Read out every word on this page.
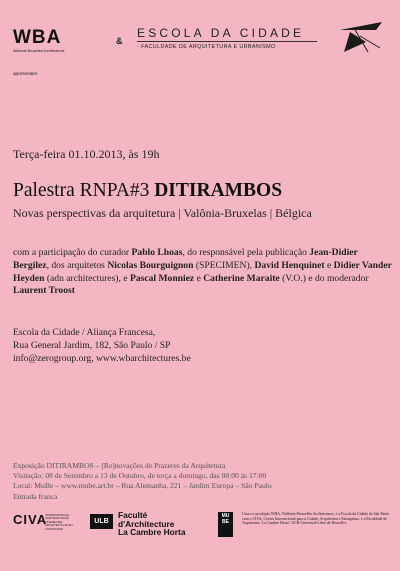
WBA
Wallonie-Bruxelles Architectures
&
ESCOLA DA CIDADE
- FACULDADE DE ARQUITETURA E URBANISMO
apresentam
Terça-feira 01.10.2013, às 19h
Palestra RNPA#3 DITIRAMBOS
Novas perspectivas da arquitetura | Valônia-Bruxelas | Bélgica
com a participação do curador Pablo Lhoas, do responsável pela publicação Jean-Didier Bergilez, dos arquitetos Nicolas Bourguignon (SPECIMEN), David Henquinet e Didier Vander Heyden (adn architectures), e Pascal Monniez e Catherine Maraite (V.O.) e do moderador Laurent Troost
Escola da Cidade / Aliança Francesa,
Rua General Jardim, 182, São Paulo / SP
info@zerogroup.org, www.wbarchitectures.be
Exposição DITIRAMBOS – [Re]novações de Prazeres da Arquitetura
Visitação: 08 de Setembro a 13 de Outubro, de terça a domingo, das 08:00 às 17:00
Local: MuBe – www.mube.art.br – Rua Alemanha, 221 – Jardim Europa – São Paulo
Entrada franca
CIVA
INTERNATIONAAL CENTRUM VOOR STEDELIJKE ARCHITECTUUR EN LANDSCHAP
ULB
Faculté
d'Architecture
La Cambre Horta
MU BE
Uma co-produção WBA, Wallonie-Bruxelles Architectures, e a Escola da Cidade de São Paulo com o CIVA, Centro Internacional para a Cidade, Arquitetura e Paisagismo, e a Faculdade de Arquitetura 'La Cambre Horta', ULB Université Libre de Bruxelles
